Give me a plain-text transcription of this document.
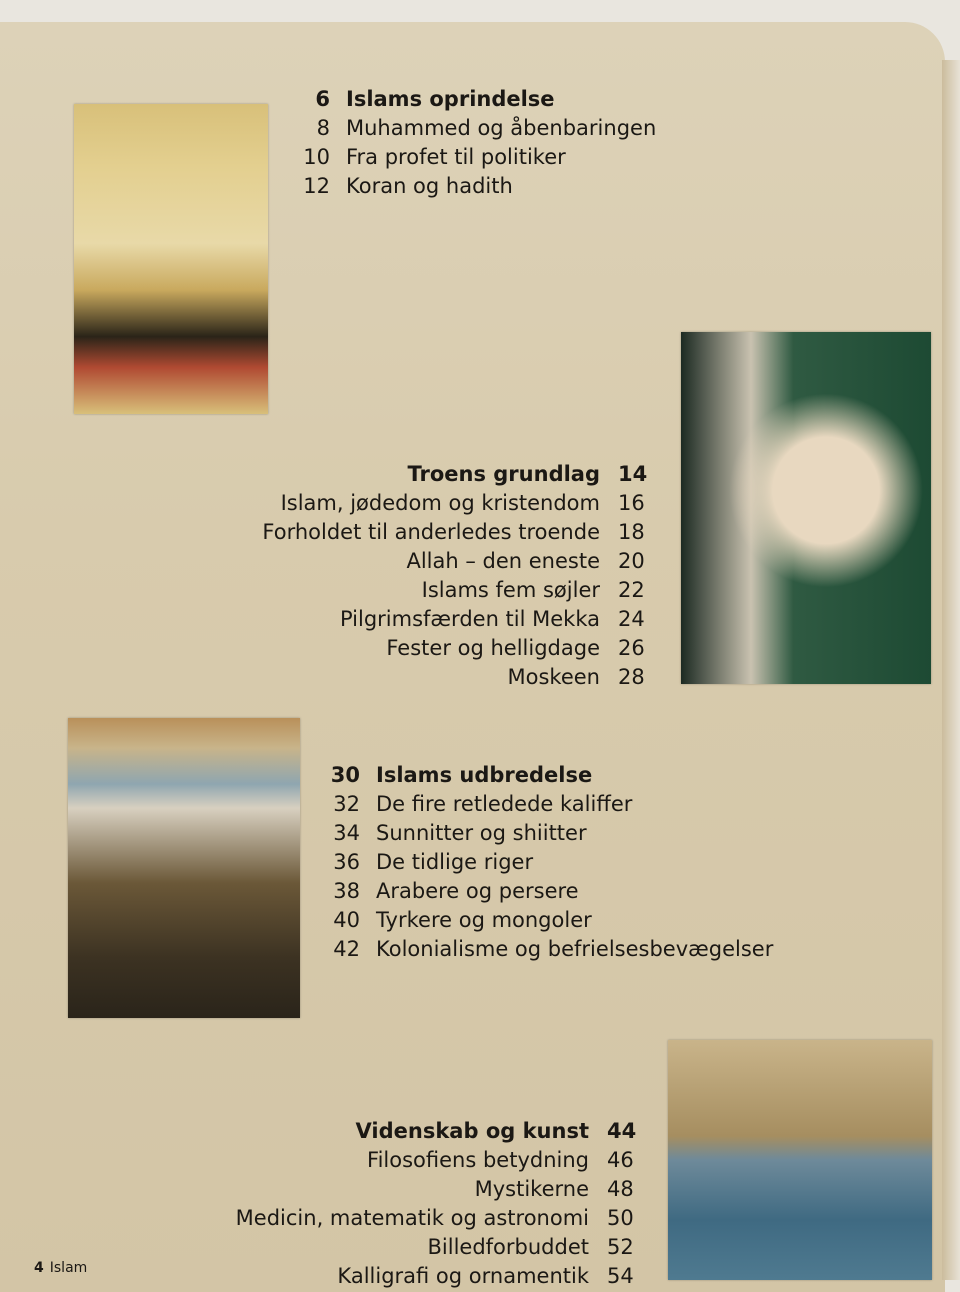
6 Islams oprindelse
8 Muhammed og åbenbaringen
10 Fra profet til politiker
12 Koran og hadith
Troens grundlag 14
Islam, jødedom og kristendom 16
Forholdet til anderledes troende 18
Allah – den eneste 20
Islams fem søjler 22
Pilgrimsfærden til Mekka 24
Fester og helligdage 26
Moskeen 28
30 Islams udbredelse
32 De fire retledede kaliffer
34 Sunnitter og shiitter
36 De tidlige riger
38 Arabere og persere
40 Tyrkere og mongoler
42 Kolonialisme og befrielsesbevægelser
Videnskab og kunst 44
Filosofiens betydning 46
Mystikerne 48
Medicin, matematik og astronomi 50
Billedforbuddet 52
Kalligrafi og ornamentik 54
4 Islam
